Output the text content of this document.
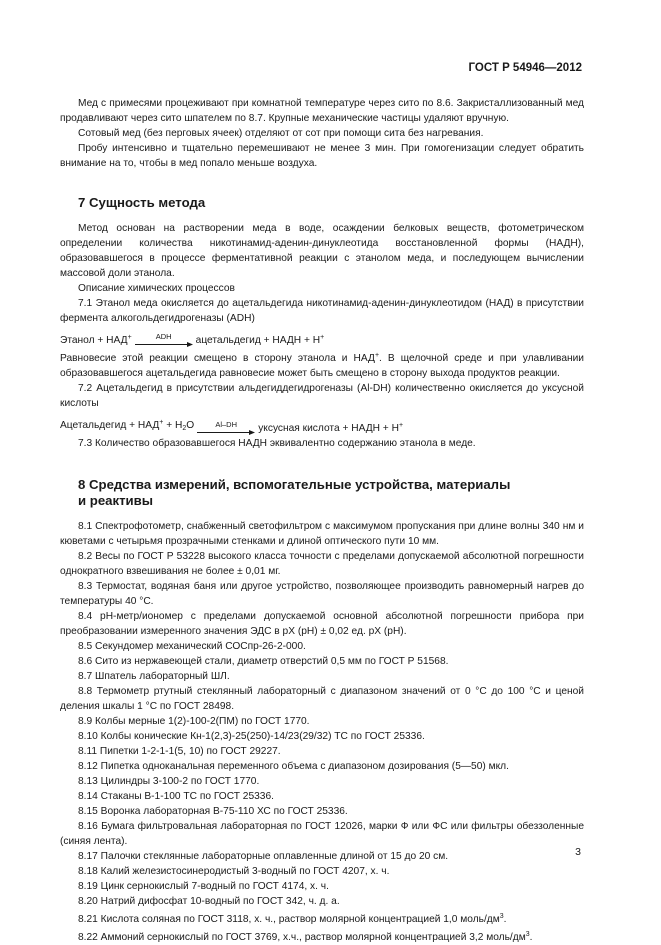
ГОСТ Р 54946—2012

Мед с примесями процеживают при комнатной температуре через сито по 8.6. Закристаллизованный мед продавливают через сито шпателем по 8.7. Крупные механические частицы удаляют вручную.

Сотовый мед (без перговых ячеек) отделяют от сот при помощи сита без нагревания.

Пробу интенсивно и тщательно перемешивают не менее 3 мин. При гомогенизации следует обратить внимание на то, чтобы в мед попало меньше воздуха.

7 Сущность метода

Метод основан на растворении меда в воде, осаждении белковых веществ, фотометрическом определении количества никотинамид-аденин-динуклеотида восстановленной формы (НАДН), образовавшегося в процессе ферментативной реакции с этанолом меда, и последующем вычислении массовой доли этанола.

Описание химических процессов

7.1 Этанол меда окисляется до ацетальдегида никотинамид-аденин-динуклеотидом (НАД) в присутствии фермента алкогольдегидрогеназы (ADH)

Этанол + НАД+	ADH ацетальдегид + НАДН + Н+

Равновесие этой реакции смещено в сторону этанола и НАД+. В щелочной среде и при улавливании образовавшегося ацетальдегида равновесие может быть смещено в сторону выхода продуктов реакции.

7.2 Ацетальдегид в присутствии альдегиддегидрогеназы (Al-DH) количественно окисляется до уксусной кислоты

Ацетальдегид + $НАД^+ + Н_2О$	Al–DH уксусная кислота + НАДН + Н+

7.3 Количество образовавшегося НАДН эквивалентно содержанию этанола в меде.

8 Средства измерений, вспомогательные устройства, материалы
и реактивы

8.1 Спектрофотометр, снабженный светофильтром с максимумом пропускания при длине волны 340 нм и кюветами с четырьмя прозрачными стенками и длиной оптического пути 10 мм.

8.2 Весы по ГОСТ Р 53228 высокого класса точности с пределами допускаемой абсолютной погрешности однократного взвешивания не более ± 0,01 мг.

8.3 Термостат, водяная баня или другое устройство, позволяющее производить равномерный нагрев до температуры 40 °С.

8.4 pH-метр/иономер с пределами допускаемой основной абсолютной погрешности прибора при преобразовании измеренного значения ЭДС в рХ (рН) ± 0,02 ед. рХ (рН).

8.5 Секундомер механический СОСпр-26-2-000.

8.6 Сито из нержавеющей стали, диаметр отверстий 0,5 мм по ГОСТ Р 51568.

8.7 Шпатель лабораторный ШЛ.

8.8 Термометр ртутный стеклянный лабораторный с диапазоном значений от 0 °С до 100 °С и ценой деления шкалы 1 °С по ГОСТ 28498.

8.9 Колбы мерные 1(2)-100-2(ПМ) по ГОСТ 1770.

8.10 Колбы конические Кн-1(2,3)-25(250)-14/23(29/32) ТС по ГОСТ 25336.

8.11 Пипетки 1-2-1-1(5, 10) по ГОСТ 29227.

8.12 Пипетка одноканальная переменного объема с диапазоном дозирования (5—50) мкл.

8.13 Цилиндры 3-100-2 по ГОСТ 1770.

8.14 Стаканы В-1-100 ТС по ГОСТ 25336.

8.15 Воронка лабораторная В-75-110 ХС по ГОСТ 25336.

8.16 Бумага фильтровальная лабораторная по ГОСТ 12026, марки Ф или ФС или фильтры обеззоленные (синяя лента).

8.17 Палочки стеклянные лабораторные оплавленные длиной от 15 до 20 см.

8.18 Калий железистосинеродистый 3-водный по ГОСТ 4207, х. ч.

8.19 Цинк сернокислый 7-водный по ГОСТ 4174, х. ч.

8.20 Натрий дифосфат 10-водный по ГОСТ 342, ч. д. а.

8.21 Кислота соляная по ГОСТ 3118, х. ч., раствор молярной концентрацией 1,0 моль/$дм^3$.

8.22 Аммоний сернокислый по ГОСТ 3769, х.ч., раствор молярной концентрацией 3,2 моль/$дм^3$.

3
